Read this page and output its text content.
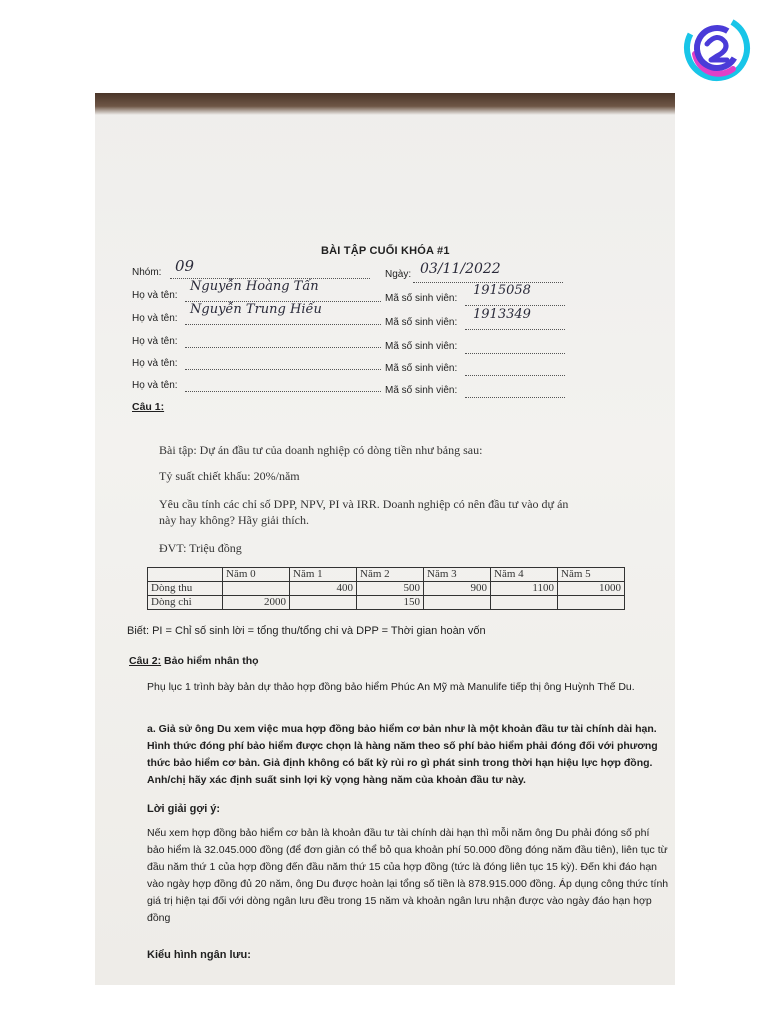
BÀI TẬP CUỐI KHÓA #1
Nhóm: 09	Ngày: 03/11/2022
Họ và tên:
Nguyễn Hoàng Tấn
Mã số sinh viên:
1915058
Họ và tên:
Nguyễn Trung Hiếu
Mã số sinh viên:
1913349
Họ và tên:	Mã số sinh viên:
Họ và tên:	Mã số sinh viên:
Họ và tên:	Mã số sinh viên:
Câu 1:
Bài tập: Dự án đầu tư của doanh nghiệp có dòng tiền như bảng sau:
Tỷ suất chiết khấu: 20%/năm
Yêu cầu tính các chỉ số DPP, NPV, PI và IRR. Doanh nghiệp có nên đầu tư vào dự án
này hay không? Hãy giải thích.
ĐVT: Triệu đồng
	Năm 0	Năm 1	Năm 2	Năm 3	Năm 4	Năm 5
Dòng thu		400	500	900	1100	1000
Dòng chi	2000		150			
Biết: PI = Chỉ số sinh lời = tổng thu/tổng chi và DPP = Thời gian hoàn vốn
Câu 2: Bảo hiểm nhân thọ
Phụ lục 1 trình bày bản dự thảo hợp đồng bảo hiểm Phúc An Mỹ mà Manulife tiếp thị ông Huỳnh Thế Du.
a. Giả sử ông Du xem việc mua hợp đồng bảo hiểm cơ bản như là một khoản đầu tư tài chính dài hạn. Hình thức đóng phí bảo hiểm được chọn là hàng năm theo số phí bảo hiểm phải đóng đối với phương thức bảo hiểm cơ bản. Giả định không có bất kỳ rủi ro gì phát sinh trong thời hạn hiệu lực hợp đồng. Anh/chị hãy xác định suất sinh lợi kỳ vọng hàng năm của khoản đầu tư này.
Lời giải gợi ý:
Nếu xem hợp đồng bảo hiểm cơ bản là khoản đầu tư tài chính dài hạn thì mỗi năm ông Du phải đóng số phí bảo hiểm là 32.045.000 đồng (để đơn giản có thể bỏ qua khoản phí 50.000 đồng đóng năm đầu tiên), liên tục từ đầu năm thứ 1 của hợp đồng đến đầu năm thứ 15 của hợp đồng (tức là đóng liên tục 15 kỳ). Đến khi đáo hạn vào ngày hợp đồng đủ 20 năm, ông Du được hoàn lại tổng số tiền là 878.915.000 đồng. Áp dụng công thức tính giá trị hiện tại đối với dòng ngân lưu đều trong 15 năm và khoản ngân lưu nhận được vào ngày đáo hạn hợp đồng
Kiểu hình ngân lưu:
